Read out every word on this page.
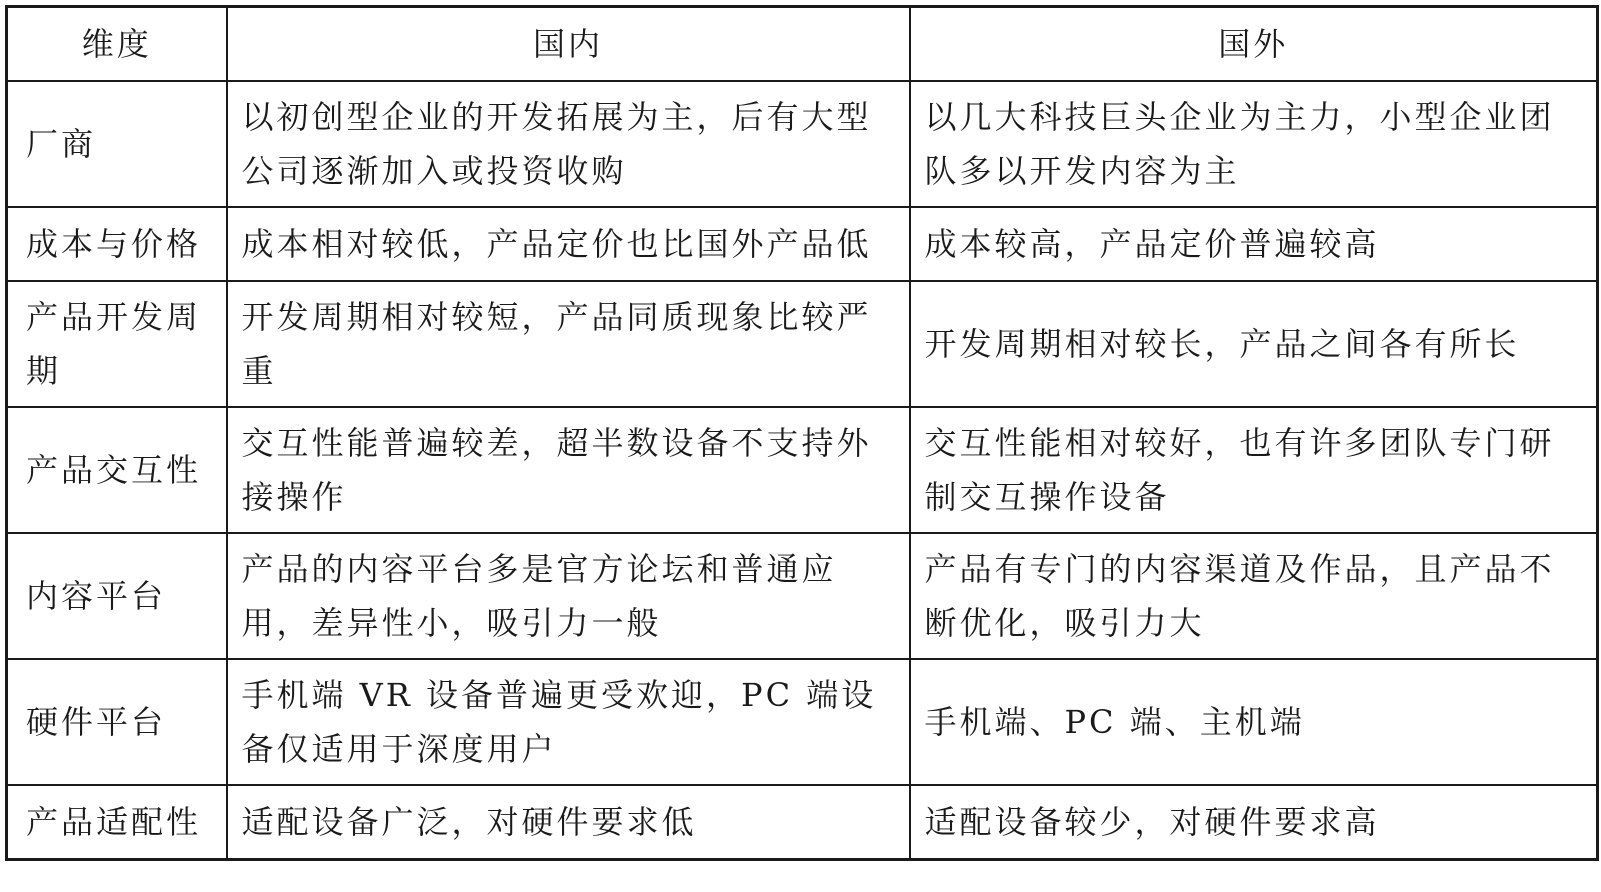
维度	国内	国外
厂商	以初创型企业的开发拓展为主，后有大型公司逐渐加入或投资收购	以几大科技巨头企业为主力，小型企业团队多以开发内容为主
成本与价格	成本相对较低，产品定价也比国外产品低	成本较高，产品定价普遍较高
产品开发周期	开发周期相对较短，产品同质现象比较严重	开发周期相对较长，产品之间各有所长
产品交互性	交互性能普遍较差，超半数设备不支持外接操作	交互性能相对较好，也有许多团队专门研制交互操作设备
内容平台	产品的内容平台多是官方论坛和普通应用，差异性小，吸引力一般	产品有专门的内容渠道及作品，且产品不断优化，吸引力大
硬件平台	手机端 VR 设备普遍更受欢迎，PC 端设备仅适用于深度用户	手机端、PC 端、主机端
产品适配性	适配设备广泛，对硬件要求低	适配设备较少，对硬件要求高
